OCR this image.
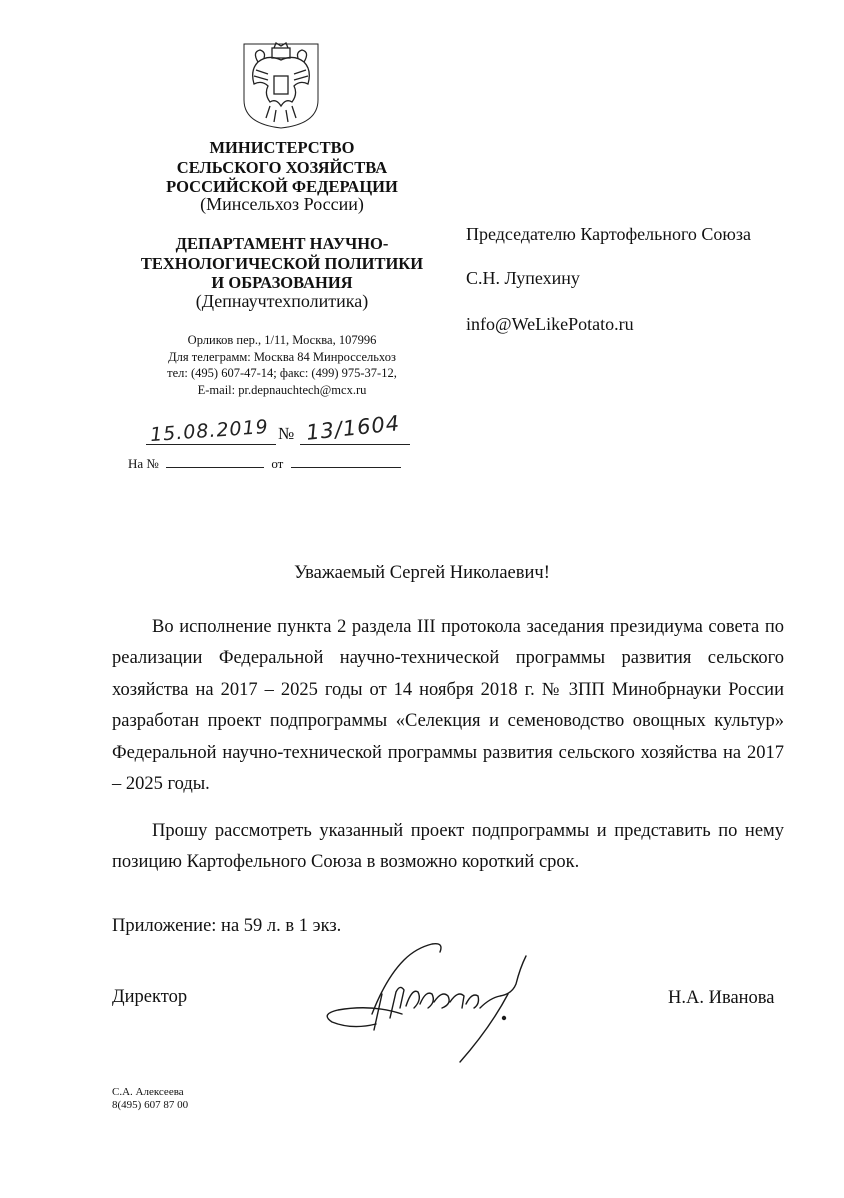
МИНИСТЕРСТВО
СЕЛЬСКОГО ХОЗЯЙСТВА
РОССИЙСКОЙ ФЕДЕРАЦИИ
(Минсельхоз России)
ДЕПАРТАМЕНТ НАУЧНО-
ТЕХНОЛОГИЧЕСКОЙ ПОЛИТИКИ
И ОБРАЗОВАНИЯ
(Депнаучтехполитика)
Орликов пер., 1/11, Москва, 107996
Для телеграмм: Москва 84 Минроссельхоз
тел: (495) 607-47-14; факс: (499) 975-37-12,
E-mail: pr.depnauchtech@mcx.ru
15.08.2019 № 13/1604
На №	от
Председателю Картофельного Союза
С.Н. Лупехину
info@WeLikePotato.ru
Уважаемый Сергей Николаевич!

Во исполнение пункта 2 раздела III протокола заседания президиума совета по реализации Федеральной научно-технической программы развития сельского хозяйства на 2017 – 2025 годы от 14 ноября 2018 г. № 3ПП Минобрнауки России разработан проект подпрограммы «Селекция и семеноводство овощных культур» Федеральной научно-технической программы развития сельского хозяйства на 2017 – 2025 годы.

Прошу рассмотреть указанный проект подпрограммы и представить по нему позицию Картофельного Союза в возможно короткий срок.

Приложение: на 59 л. в 1 экз.
Директор	Н.А. Иванова
С.А. Алексеева
8(495) 607 87 00
